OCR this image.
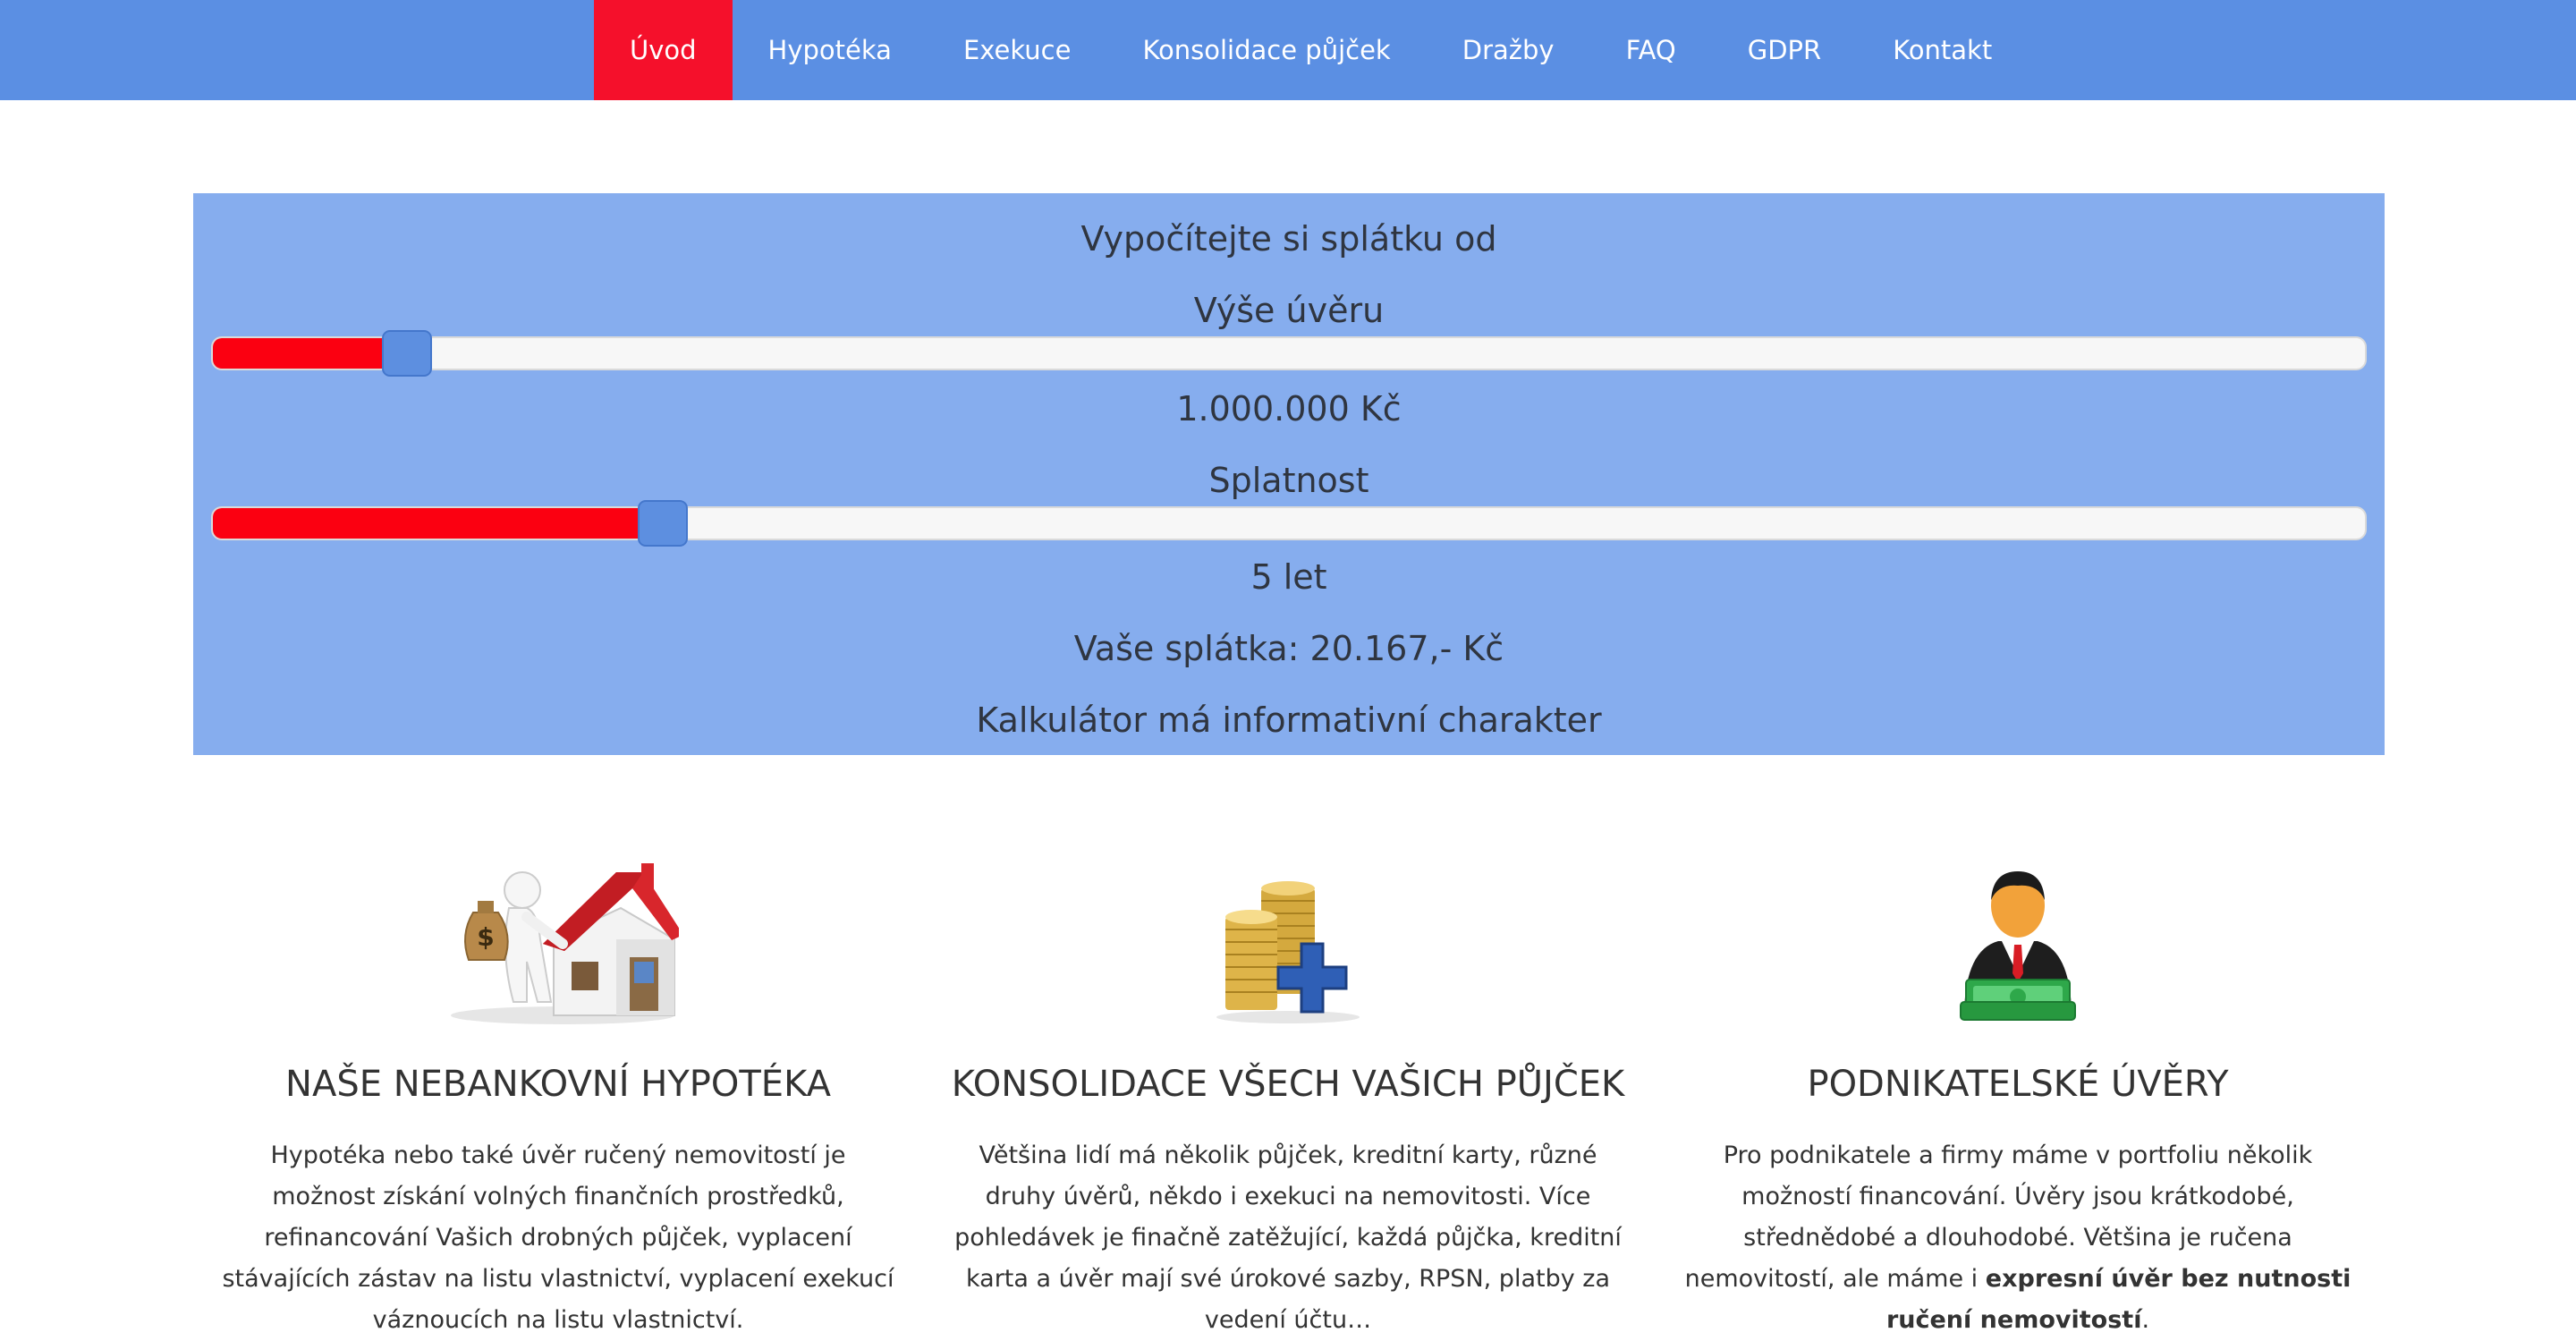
Úvod	Hypotéka	Exekuce	Konsolidace půjček	Dražby	FAQ	GDPR	Kontakt
Vypočítejte si splátku od
Výše úvěru
1.000.000 Kč
Splatnost
5 let
Vaše splátka: 20.167,- Kč
Kalkulátor má informativní charakter
$
NAŠE NEBANKOVNÍ HYPOTÉKA
Hypotéka nebo také úvěr ručený nemovitostí je možnost získání volných finančních prostředků, refinancování Vašich drobných půjček, vyplacení stávajících zástav na listu vlastnictví, vyplacení exekucí váznoucích na listu vlastnictví.
KONSOLIDACE VŠECH VAŠICH PŮJČEK
Většina lidí má několik půjček, kreditní karty, různé druhy úvěrů, někdo i exekuci na nemovitosti. Více pohledávek je finačně zatěžující, každá půjčka, kreditní karta a úvěr mají své úrokové sazby, RPSN, platby za vedení účtu…
PODNIKATELSKÉ ÚVĚRY
Pro podnikatele a firmy máme v portfoliu několik možností financování. Úvěry jsou krátkodobé, střednědobé a dlouhodobé. Většina je ručena nemovitostí, ale máme i expresní úvěr bez nutnosti ručení nemovitostí.
